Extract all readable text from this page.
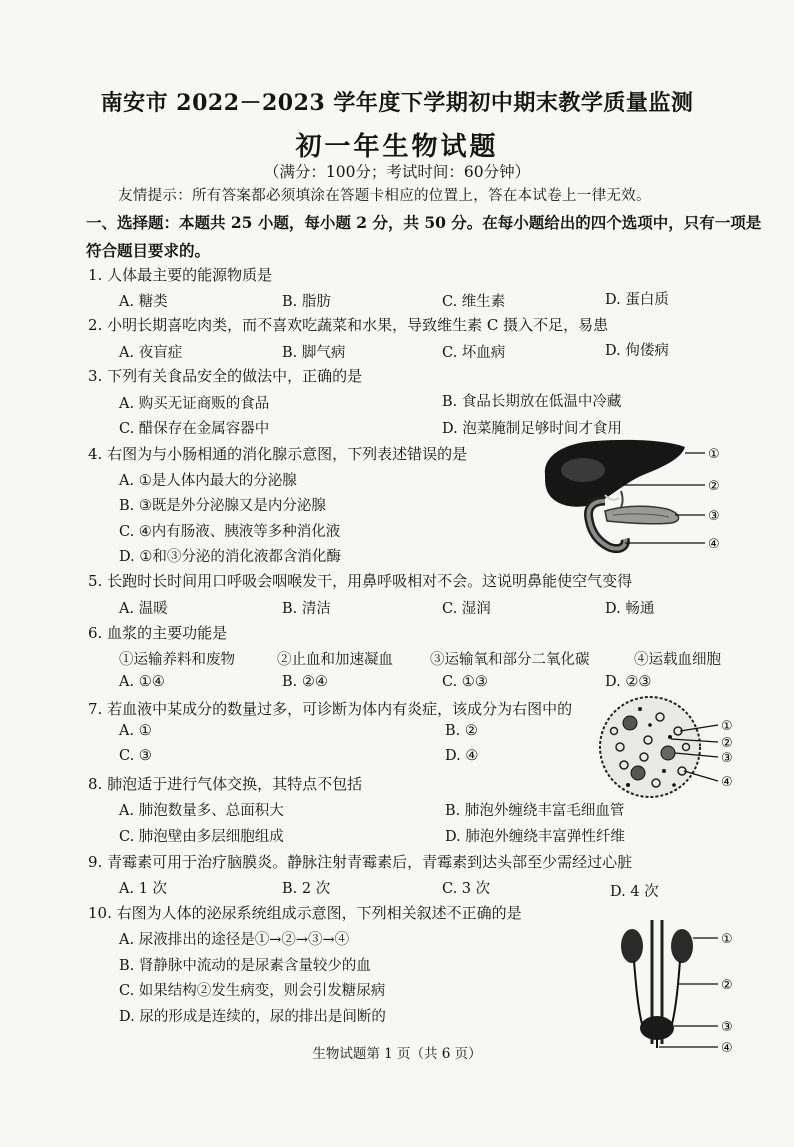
南安市 2022－2023 学年度下学期初中期末教学质量监测
初一年生物试题
（满分：100分；考试时间：60分钟）
友情提示：所有答案都必须填涂在答题卡相应的位置上，答在本试卷上一律无效。
一、选择题：本题共 25 小题，每小题 2 分，共 50 分。在每小题给出的四个选项中，只有一项是符合题目要求的。
1. 人体最主要的能源物质是
A. 糖类	B. 脂肪	C. 维生素	D. 蛋白质
2. 小明长期喜吃肉类，而不喜欢吃蔬菜和水果，导致维生素 C 摄入不足，易患
A. 夜盲症	B. 脚气病	C. 坏血病	D. 佝偻病
3. 下列有关食品安全的做法中，正确的是
A. 购买无证商贩的食品	B. 食品长期放在低温中冷藏
C. 醋保存在金属容器中	D. 泡菜腌制足够时间才食用
4. 右图为与小肠相通的消化腺示意图，下列表述错误的是
A. ①是人体内最大的分泌腺
B. ③既是外分泌腺又是内分泌腺
C. ④内有肠液、胰液等多种消化液
D. ①和③分泌的消化液都含消化酶
5. 长跑时长时间用口呼吸会咽喉发干，用鼻呼吸相对不会。这说明鼻能使空气变得
A. 温暖	B. 清洁	C. 湿润	D. 畅通
6. 血浆的主要功能是
①运输养料和废物	②止血和加速凝血	③运输氧和部分二氧化碳	④运载血细胞
A. ①④	B. ②④	C. ①③	D. ②③
7. 若血液中某成分的数量过多，可诊断为体内有炎症，该成分为右图中的
A. ①	B. ②
C. ③	D. ④
8. 肺泡适于进行气体交换，其特点不包括
A. 肺泡数量多、总面积大	B. 肺泡外缠绕丰富毛细血管
C. 肺泡壁由多层细胞组成	D. 肺泡外缠绕丰富弹性纤维
9. 青霉素可用于治疗脑膜炎。静脉注射青霉素后，青霉素到达头部至少需经过心脏
A. 1 次	B. 2 次	C. 3 次	D. 4 次
10. 右图为人体的泌尿系统组成示意图，下列相关叙述不正确的是
A. 尿液排出的途径是①→②→③→④
B. 肾静脉中流动的是尿素含量较少的血
C. 如果结构②发生病变，则会引发糖尿病
D. 尿的形成是连续的，尿的排出是间断的
①
②
③
④
①
②
③
④
①
②
③
④
生物试题第 1 页（共 6 页）
